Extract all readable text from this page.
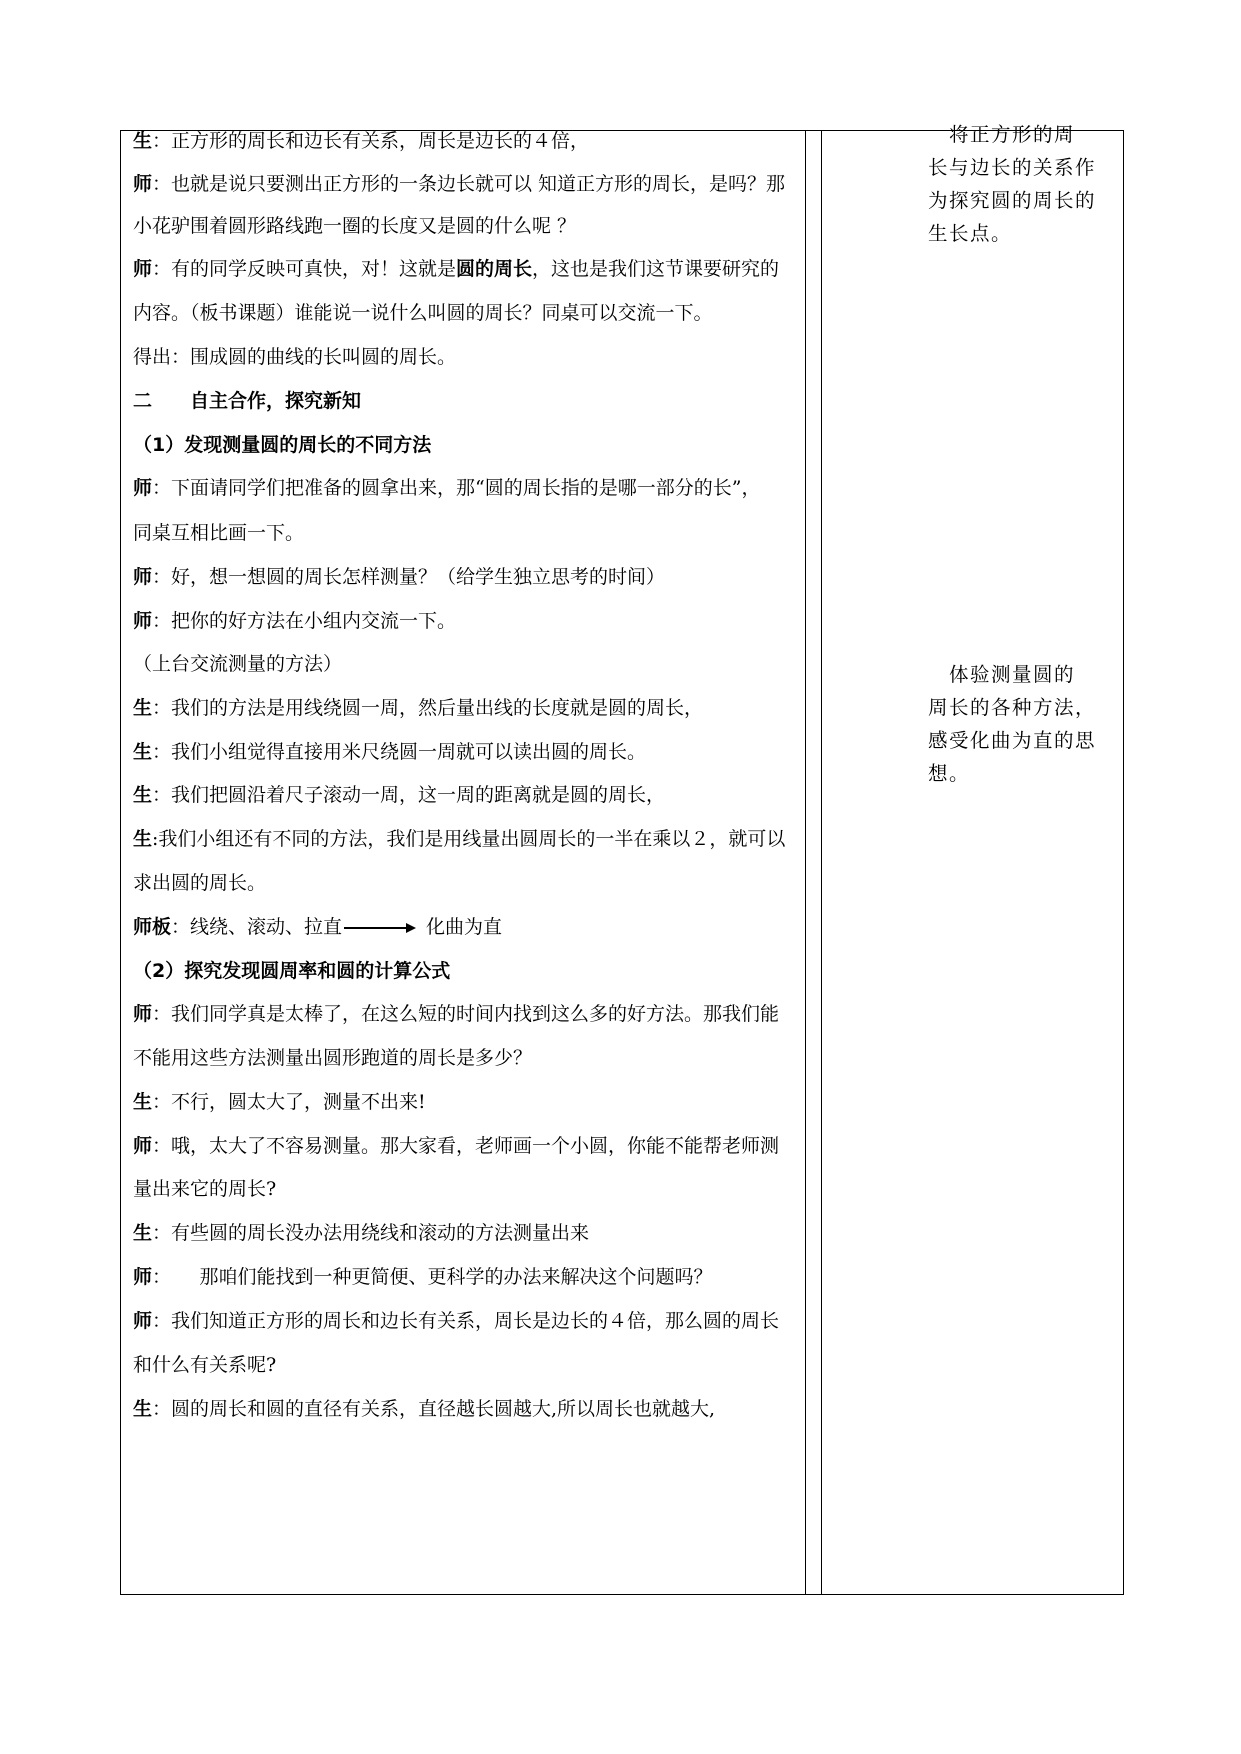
生：正方形的周长和边长有关系，周长是边长的４倍，
师：也就是说只要测出正方形的一条边长就可以 知道正方形的周长，是吗？那
小花驴围着圆形路线跑一圈的长度又是圆的什么呢 ？
师：有的同学反映可真快，对！这就是圆的周长，这也是我们这节课要研究的
内容。（板书课题）谁能说一说什么叫圆的周长？同桌可以交流一下。
得出：围成圆的曲线的长叫圆的周长。
二　　自主合作，探究新知
（1）发现测量圆的周长的不同方法
师：下面请同学们把准备的圆拿出来，那“圆的周长指的是哪一部分的长”，
同桌互相比画一下。
师：好，想一想圆的周长怎样测量？（给学生独立思考的时间）
师：把你的好方法在小组内交流一下。
（上台交流测量的方法）
生：我们的方法是用线绕圆一周，然后量出线的长度就是圆的周长，
生：我们小组觉得直接用米尺绕圆一周就可以读出圆的周长。
生：我们把圆沿着尺子滚动一周，这一周的距离就是圆的周长，
生:我们小组还有不同的方法，我们是用线量出圆周长的一半在乘以２，就可以
求出圆的周长。
师板：线绕、滚动、拉直	化曲为直
（2）探究发现圆周率和圆的计算公式
师：我们同学真是太棒了，在这么短的时间内找到这么多的好方法。那我们能
不能用这些方法测量出圆形跑道的周长是多少？
生：不行，圆太大了，测量不出来!
师：哦，太大了不容易测量。那大家看，老师画一个小圆，你能不能帮老师测
量出来它的周长?
生：有些圆的周长没办法用绕线和滚动的方法测量出来
师：　　那咱们能找到一种更简便、更科学的办法来解决这个问题吗？
师：我们知道正方形的周长和边长有关系，周长是边长的４倍，那么圆的周长
和什么有关系呢?
生：圆的周长和圆的直径有关系，直径越长圆越大,所以周长也就越大,
　将正方形的周
长与边长的关系作
为探究圆的周长的
生长点。
　体验测量圆的
周长的各种方法，
感受化曲为直的思
想。
